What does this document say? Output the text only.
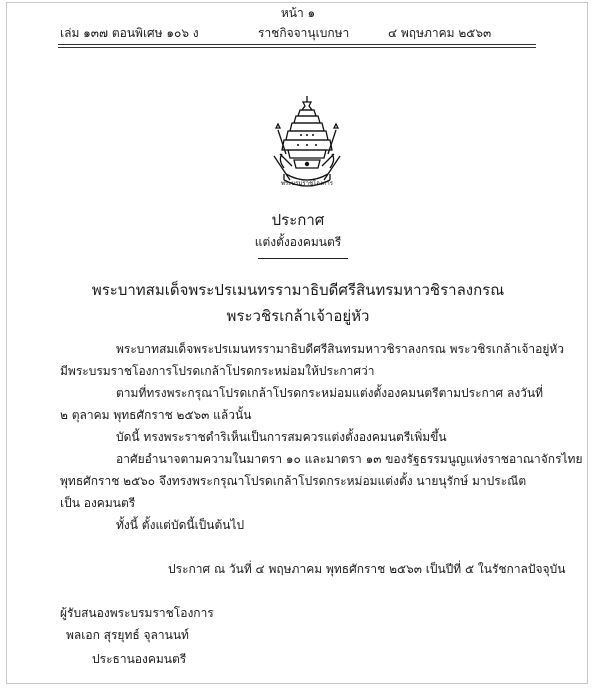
หน้า ๑
เล่ม ๑๓๗ ตอนพิเศษ ๑๐๖ ง	ราชกิจจานุเบกษา	๔ พฤษภาคม ๒๕๖๓
พระบรมราชโองการ
ประกาศ
แต่งตั้งองคมนตรี
พระบาทสมเด็จพระปรเมนทรรามาธิบดีศรีสินทรมหาวชิราลงกรณ
พระวชิรเกล้าเจ้าอยู่หัว
พระบาทสมเด็จพระปรเมนทรรามาธิบดีศรีสินทรมหาวชิราลงกรณ พระวชิรเกล้าเจ้าอยู่หัว
มีพระบรมราชโองการโปรดเกล้าโปรดกระหม่อมให้ประกาศว่า
ตามที่ทรงพระกรุณาโปรดเกล้าโปรดกระหม่อมแต่งตั้งองคมนตรีตามประกาศ ลงวันที่
๒ ตุลาคม พุทธศักราช ๒๕๖๓ แล้วนั้น
บัดนี้ ทรงพระราชดำริเห็นเป็นการสมควรแต่งตั้งองคมนตรีเพิ่มขึ้น
อาศัยอำนาจตามความในมาตรา ๑๐ และมาตรา ๑๓ ของรัฐธรรมนูญแห่งราชอาณาจักรไทย
พุทธศักราช ๒๕๖๐ จึงทรงพระกรุณาโปรดเกล้าโปรดกระหม่อมแต่งตั้ง นายนุรักษ์ มาประณีต
เป็น องคมนตรี
ทั้งนี้ ตั้งแต่บัดนี้เป็นต้นไป
ประกาศ ณ วันที่ ๔ พฤษภาคม พุทธศักราช ๒๕๖๓ เป็นปีที่ ๕ ในรัชกาลปัจจุบัน
ผู้รับสนองพระบรมราชโองการ
พลเอก สุรยุทธ์ จุลานนท์
ประธานองคมนตรี
